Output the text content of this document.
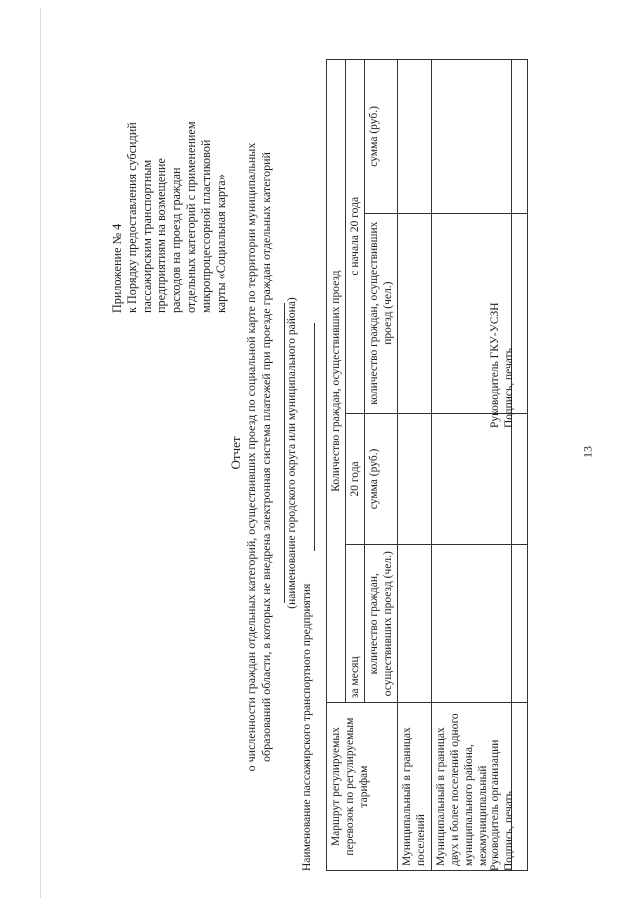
13
Приложение № 4 к Порядку предоставления субсидий пассажирским транспортным предприятиям на возмещение расходов на проезд граждан отдельных категорий с применением микропроцессорной пластиковой карты «Социальная карта»
Отчет о численности граждан отдельных категорий, осуществивших проезд по социальной карте по территории муниципальных образований области, в которых не внедрена электронная система платежей при проезде граждан отдельных категорий (наименование городского округа или муниципального района)
Наименование пассажирского транспортного предприятия Маршрут регулируемых перевозок по регулируемым тарифам	Количество граждан, осуществивших проезд			
	за месяц	20 года	с начала 20 года	
	количество граждан, осуществивших проезд (чел.)	сумма (руб.)	количество граждан, осуществивших проезд (чел.)	сумма (руб.)
Муниципальный в границах поселений				
Муниципальный в границах двух и более поселений одного муниципального района, межмуниципальный				
				Руководитель организации Подпись, печать
Руководитель ГКУ-УСЗН Подпись, печать
